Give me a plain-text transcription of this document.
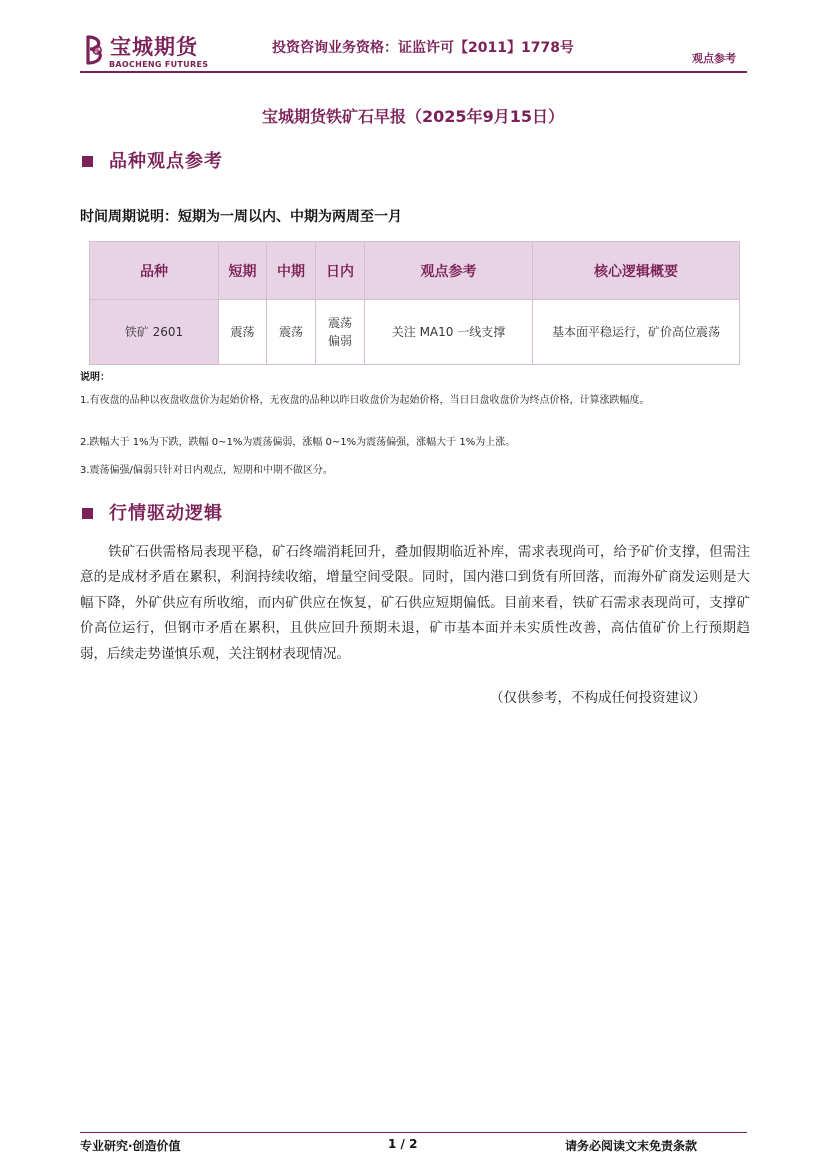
宝城期货
BAOCHENG FUTURES
投资咨询业务资格：证监许可【2011】1778号
观点参考
宝城期货铁矿石早报（2025年9月15日）
品种观点参考
时间周期说明：短期为一周以内、中期为两周至一月
品种	短期	中期	日内	观点参考	核心逻辑概要
铁矿 2601	震荡	震荡	震荡偏弱	关注 MA10 一线支撑	基本面平稳运行，矿价高位震荡
说明：
1.有夜盘的品种以夜盘收盘价为起始价格，无夜盘的品种以昨日收盘价为起始价格，当日日盘收盘价为终点价格，计算涨跌幅度。
2.跌幅大于 1%为下跌，跌幅 0~1%为震荡偏弱，涨幅 0~1%为震荡偏强，涨幅大于 1%为上涨。
3.震荡偏强/偏弱只针对日内观点，短期和中期不做区分。
行情驱动逻辑
铁矿石供需格局表现平稳，矿石终端消耗回升，叠加假期临近补库，需求表现尚可，给予矿价支撑，但需注意的是成材矛盾在累积，利润持续收缩，增量空间受限。同时，国内港口到货有所回落，而海外矿商发运则是大幅下降，外矿供应有所收缩，而内矿供应在恢复，矿石供应短期偏低。目前来看，铁矿石需求表现尚可，支撑矿价高位运行，但钢市矛盾在累积，且供应回升预期未退，矿市基本面并未实质性改善，高估值矿价上行预期趋弱，后续走势谨慎乐观，关注钢材表现情况。
（仅供参考，不构成任何投资建议）
专业研究·创造价值	1 / 2	请务必阅读文末免责条款
